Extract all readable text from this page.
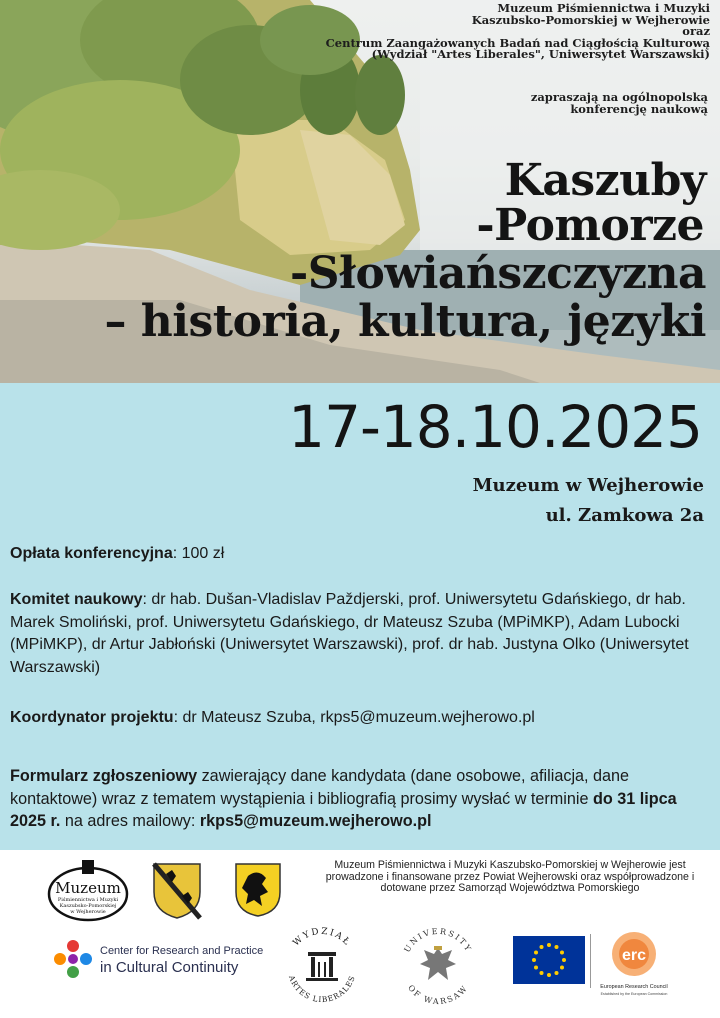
Muzeum Piśmiennictwa i Muzyki
Kaszubsko-Pomorskiej w Wejherowie
oraz
Centrum Zaangażowanych Badań nad Ciągłością Kulturową
(Wydział "Artes Liberales", Uniwersytet Warszawski)
zapraszają na ogólnopolską
konferencję naukową
Kaszuby
-Pomorze
-Słowiańszczyzna
– historia, kultura, języki
17-18.10.2025
Muzeum w Wejherowie
ul. Zamkowa 2a
Opłata konferencyjna: 100 zł
Komitet naukowy: dr hab. Dušan-Vladislav Paždjerski, prof. Uniwersytetu Gdańskiego, dr hab. Marek Smoliński, prof. Uniwersytetu Gdańskiego, dr Mateusz Szuba (MPiMKP), Adam Lubocki (MPiMKP), dr Artur Jabłoński (Uniwersytet Warszawski), prof. dr hab. Justyna Olko (Uniwersytet Warszawski)
Koordynator projektu: dr Mateusz Szuba, rkps5@muzeum.wejherowo.pl
Formularz zgłoszeniowy zawierający dane kandydata (dane osobowe, afiliacja, dane kontaktowe) wraz z tematem wystąpienia i bibliografią prosimy wysłać w terminie do 31 lipca 2025 r. na adres mailowy: rkps5@muzeum.wejherowo.pl
Muzeum Piśmiennictwa i Muzyki Kaszubsko-Pomorskiej w Wejherowie jest prowadzone i finansowane przez Powiat Wejherowski oraz współprowadzone i dotowane przez Samorząd Województwa Pomorskiego
Muzeum
Piśmiennictwa i Muzyki
Kaszubsko-Pomorskiej
w Wejherowie
Center for Research and Practice
in Cultural Continuity
WYDZIAŁ
ARTES LIBERALES
UNIVERSITY
OF WARSAW
erc
European Research Council
Established by the European Commission
